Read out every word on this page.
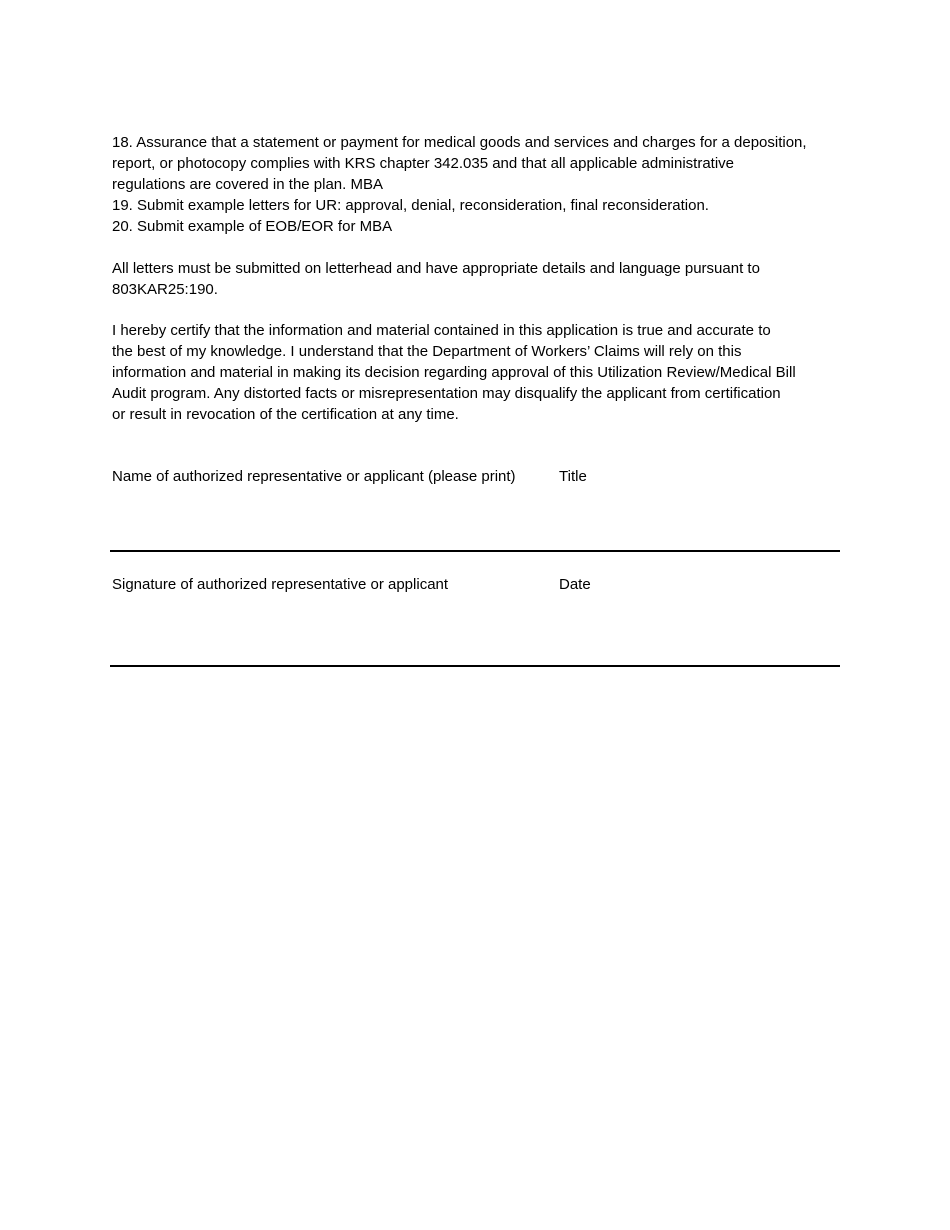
18. Assurance that a statement or payment for medical goods and services and charges for a deposition,
report, or photocopy complies with KRS chapter 342.035 and that all applicable administrative
regulations are covered in the plan. MBA
19. Submit example letters for UR: approval, denial, reconsideration, final reconsideration.
20. Submit example of EOB/EOR for MBA
All letters must be submitted on letterhead and have appropriate details and language pursuant to
803KAR25:190.
I hereby certify that the information and material contained in this application is true and accurate to
the best of my knowledge. I understand that the Department of Workers’ Claims will rely on this
information and material in making its decision regarding approval of this Utilization Review/Medical Bill
Audit program. Any distorted facts or misrepresentation may disqualify the applicant from certification
or result in revocation of the certification at any time.
Name of authorized representative or applicant (please print)	Title
Signature of authorized representative or applicant	Date
